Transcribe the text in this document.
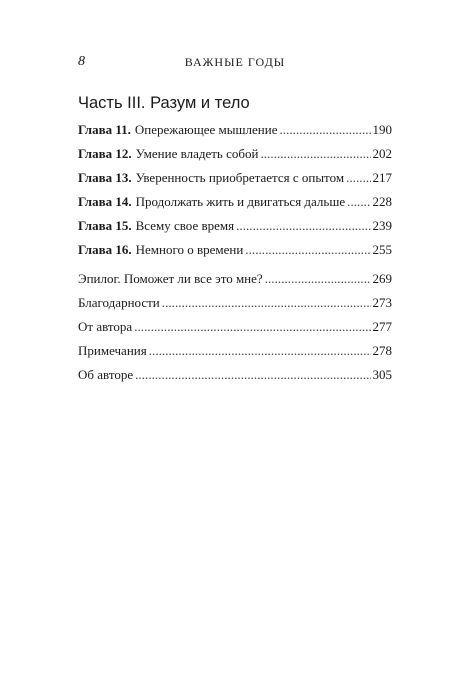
8	ВАЖНЫЕ ГОДЫ
Часть III. Разум и тело
Глава 11. Опережающее мышление . . .	190
Глава 12. Умение владеть собой . . .	202
Глава 13. Уверенность приобретается с опытом . . . 217
Глава 14. Продолжать жить и двигаться дальше . . . 228
Глава 15. Всему свое время . . .	239
Глава 16. Немного о времени . . .	255
Эпилог. Поможет ли все это мне? . . .	269
Благодарности . . .	273
От автора . . .	277
Примечания . . .	278
Об авторе . . .	305
